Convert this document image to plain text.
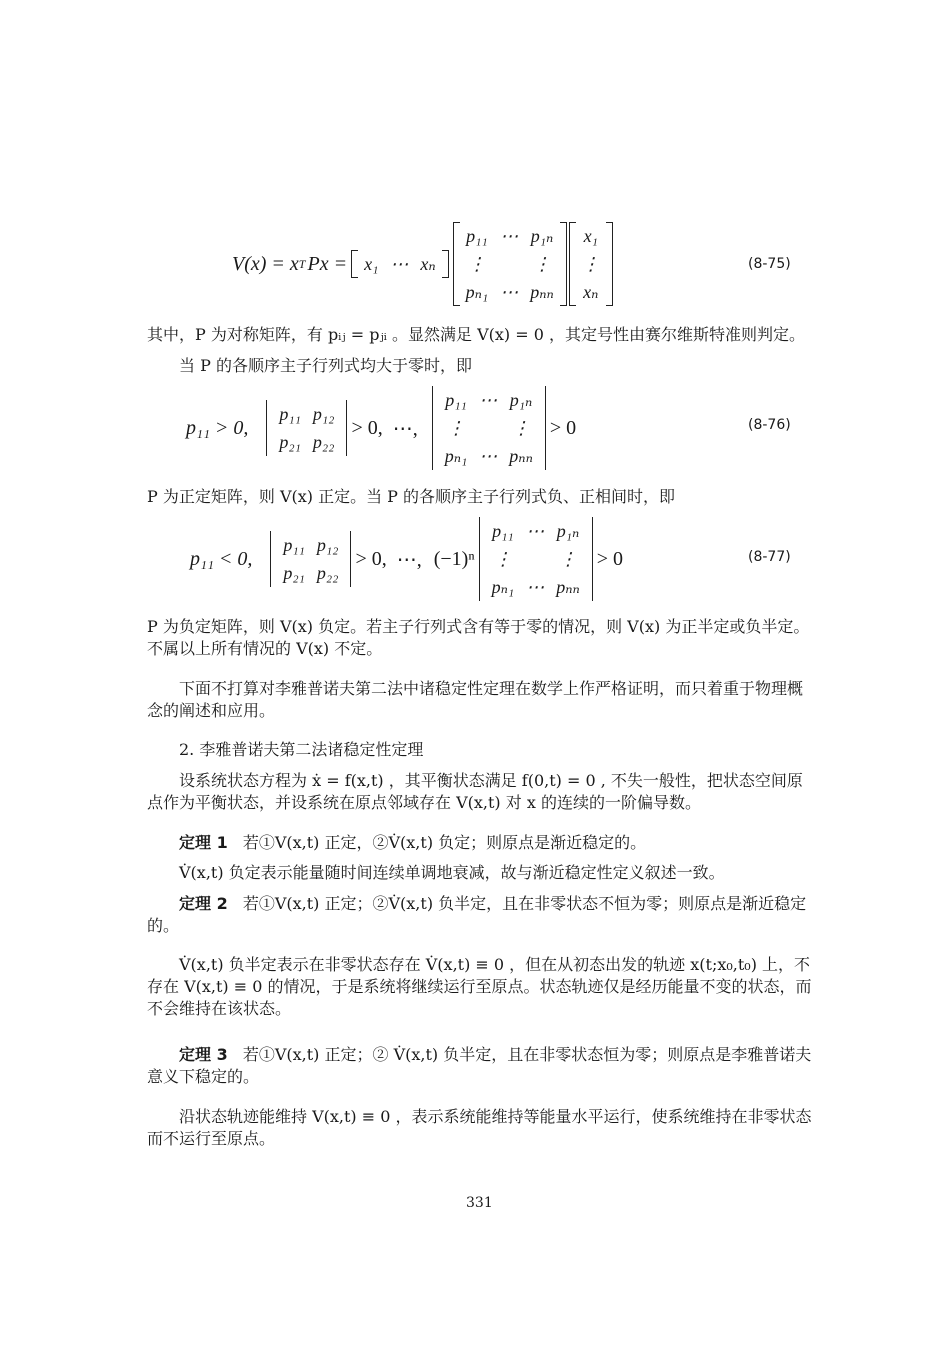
V(x) = x T Px = x₁	⋯	xₙ
p₁₁	⋯	p₁ₙ
⋮		⋮
pₙ₁	⋯	pₙₙ
x₁
⋮
xₙ
(8-75)
其中，P 为对称矩阵，有 pᵢⱼ = pⱼᵢ 。显然满足 V(x) = 0 ，其定号性由赛尔维斯特准则判定。
当 P 的各顺序主子行列式均大于零时，即
p₁₁ > 0,
p₁₁	p₁₂
p₂₁	p₂₂
> 0, ⋯,
p₁₁	⋯	p₁ₙ
⋮		⋮
pₙ₁	⋯	pₙₙ
> 0	(8-76)
P 为正定矩阵，则 V(x) 正定。当 P 的各顺序主子行列式负、正相间时，即
p₁₁ < 0,
p₁₁	p₁₂
p₂₁	p₂₂
> 0, ⋯, (−1)ⁿ
p₁₁	⋯	p₁ₙ
⋮		⋮
pₙ₁	⋯	pₙₙ
> 0	(8-77)
P 为负定矩阵，则 V(x) 负定。若主子行列式含有等于零的情况，则 V(x) 为正半定或负半定。不属以上所有情况的 V(x) 不定。
下面不打算对李雅普诺夫第二法中诸稳定性定理在数学上作严格证明，而只着重于物理概念的阐述和应用。
2. 李雅普诺夫第二法诸稳定性定理
设系统状态方程为 ẋ = f(x,t) ，其平衡状态满足 f(0,t) = 0 , 不失一般性，把状态空间原点作为平衡状态，并设系统在原点邻域存在 V(x,t) 对 x 的连续的一阶偏导数。
定理 1 若①V(x,t) 正定，②V̇(x,t) 负定；则原点是渐近稳定的。
V̇(x,t) 负定表示能量随时间连续单调地衰减，故与渐近稳定性定义叙述一致。
定理 2 若①V(x,t) 正定；②V̇(x,t) 负半定，且在非零状态不恒为零；则原点是渐近稳定的。
V̇(x,t) 负半定表示在非零状态存在 V̇(x,t) ≡ 0 ，但在从初态出发的轨迹 x(t;x₀,t₀) 上，不存在 V(x,t) ≡ 0 的情况，于是系统将继续运行至原点。状态轨迹仅是经历能量不变的状态，而不会维持在该状态。
定理 3 若①V(x,t) 正定；② V̇(x,t) 负半定，且在非零状态恒为零；则原点是李雅普诺夫意义下稳定的。
沿状态轨迹能维持 V(x,t) ≡ 0 ，表示系统能维持等能量水平运行，使系统维持在非零状态而不运行至原点。
331
